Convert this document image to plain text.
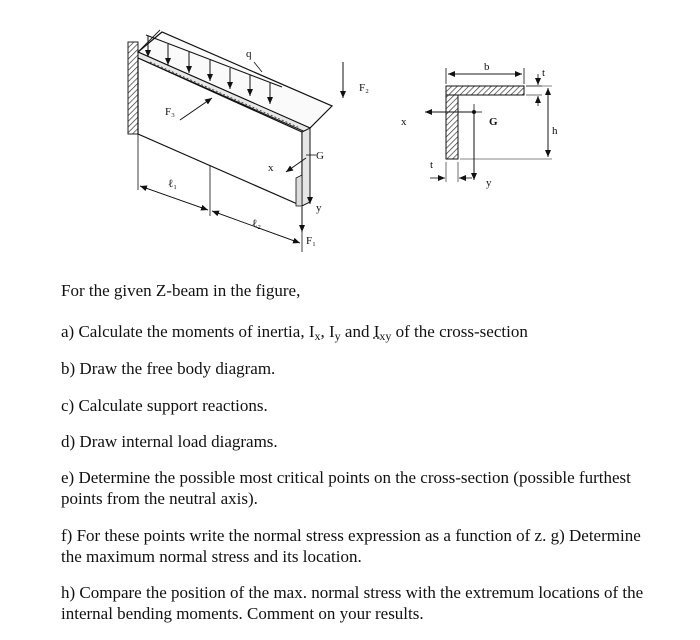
q
F₃
F₂
F₁
x
y
G
ℓ₁
ℓ₂
b	t
h
G
x
y
t
For the given Z-beam in the figure,
a) Calculate the moments of inertia, $I_x$, $I_y$ and $I_{xy}$ of the cross-section
b) Draw the free body diagram.
c) Calculate support reactions.
d) Draw internal load diagrams.
e) Determine the possible most critical points on the cross-section (possible furthest points from the neutral axis).
f) For these points write the normal stress expression as a function of z. g) Determine the maximum normal stress and its location.
h) Compare the position of the max. normal stress with the extremum locations of the internal bending moments. Comment on your results.
